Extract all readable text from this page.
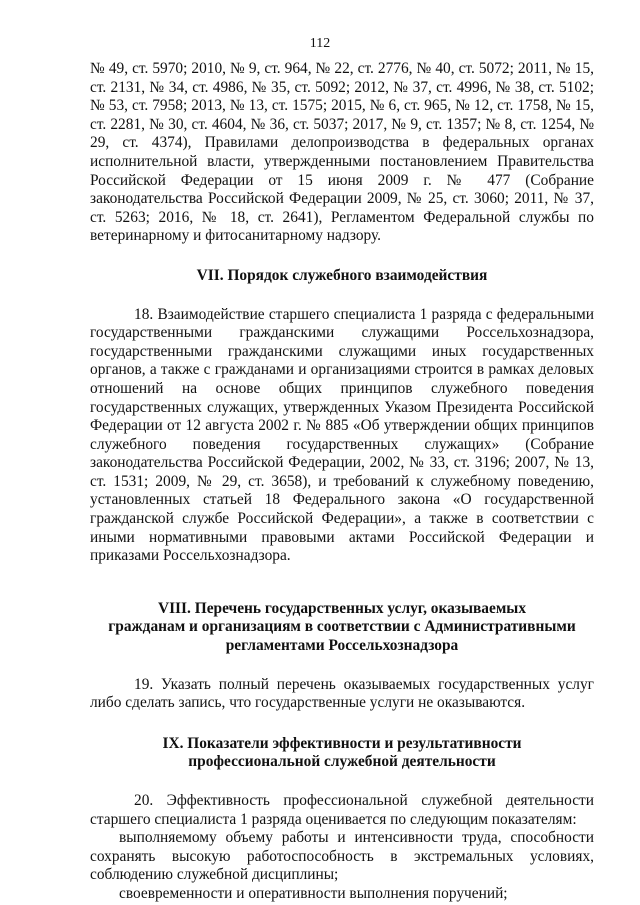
112

№ 49, ст. 5970; 2010, № 9, ст. 964, № 22, ст. 2776, № 40, ст. 5072; 2011, № 15, ст. 2131, № 34, ст. 4986, № 35, ст. 5092; 2012, № 37, ст. 4996, № 38, ст. 5102; № 53, ст. 7958; 2013, № 13, ст. 1575; 2015, № 6, ст. 965, № 12, ст. 1758, № 15, ст. 2281, № 30, ст. 4604, № 36, ст. 5037; 2017, № 9, ст. 1357; № 8, ст. 1254, № 29, ст. 4374), Правилами делопроизводства в федеральных органах исполнительной власти, утвержденными постановлением Правительства Российской Федерации от 15 июня 2009 г. № 477 (Собрание законодательства Российской Федерации 2009, № 25, ст. 3060; 2011, № 37, ст. 5263; 2016, № 18, ст. 2641), Регламентом Федеральной службы по ветеринарному и фитосанитарному надзору.

VII. Порядок служебного взаимодействия

18. Взаимодействие старшего специалиста 1 разряда с федеральными государственными гражданскими служащими Россельхознадзора, государственными гражданскими служащими иных государственных органов, а также с гражданами и организациями строится в рамках деловых отношений на основе общих принципов служебного поведения государственных служащих, утвержденных Указом Президента Российской Федерации от 12 августа 2002 г. № 885 «Об утверждении общих принципов служебного поведения государственных служащих» (Собрание законодательства Российской Федерации, 2002, № 33, ст. 3196; 2007, № 13, ст. 1531; 2009, № 29, ст. 3658), и требований к служебному поведению, установленных статьей 18 Федерального закона «О государственной гражданской службе Российской Федерации», а также в соответствии с иными нормативными правовыми актами Российской Федерации и приказами Россельхознадзора.

VIII. Перечень государственных услуг, оказываемых
гражданам и организациям в соответствии с Административными
регламентами Россельхознадзора

19. Указать полный перечень оказываемых государственных услуг либо сделать запись, что государственные услуги не оказываются.

IX. Показатели эффективности и результативности
профессиональной служебной деятельности

20. Эффективность профессиональной служебной деятельности старшего специалиста 1 разряда оценивается по следующим показателям:

выполняемому объему работы и интенсивности труда, способности сохранять высокую работоспособность в экстремальных условиях, соблюдению служебной дисциплины;

своевременности и оперативности выполнения поручений;
